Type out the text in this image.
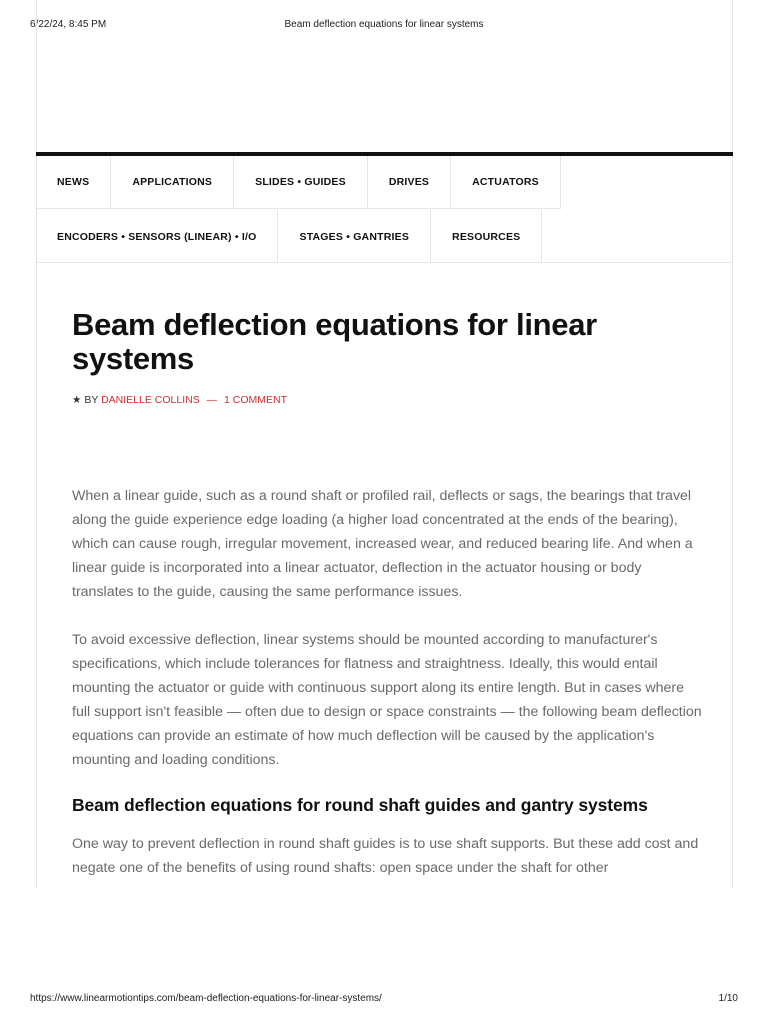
6/22/24, 8:45 PM	Beam deflection equations for linear systems
NEWS	APPLICATIONS	SLIDES • GUIDES	DRIVES	ACTUATORS
ENCODERS • SENSORS (LINEAR) • I/O	STAGES • GANTRIES	RESOURCES
Beam deflection equations for linear systems
★ BY DANIELLE COLLINS — 1 COMMENT

When a linear guide, such as a round shaft or profiled rail, deflects or sags, the bearings that travel along the guide experience edge loading (a higher load concentrated at the ends of the bearing), which can cause rough, irregular movement, increased wear, and reduced bearing life. And when a linear guide is incorporated into a linear actuator, deflection in the actuator housing or body translates to the guide, causing the same performance issues.

To avoid excessive deflection, linear systems should be mounted according to manufacturer's specifications, which include tolerances for flatness and straightness. Ideally, this would entail mounting the actuator or guide with continuous support along its entire length. But in cases where full support isn't feasible — often due to design or space constraints — the following beam deflection equations can provide an estimate of how much deflection will be caused by the application's mounting and loading conditions.

Beam deflection equations for round shaft guides and gantry systems

One way to prevent deflection in round shaft guides is to use shaft supports. But these add cost and negate one of the benefits of using round shafts: open space under the shaft for other

https://www.linearmotiontips.com/beam-deflection-equations-for-linear-systems/	1/10
